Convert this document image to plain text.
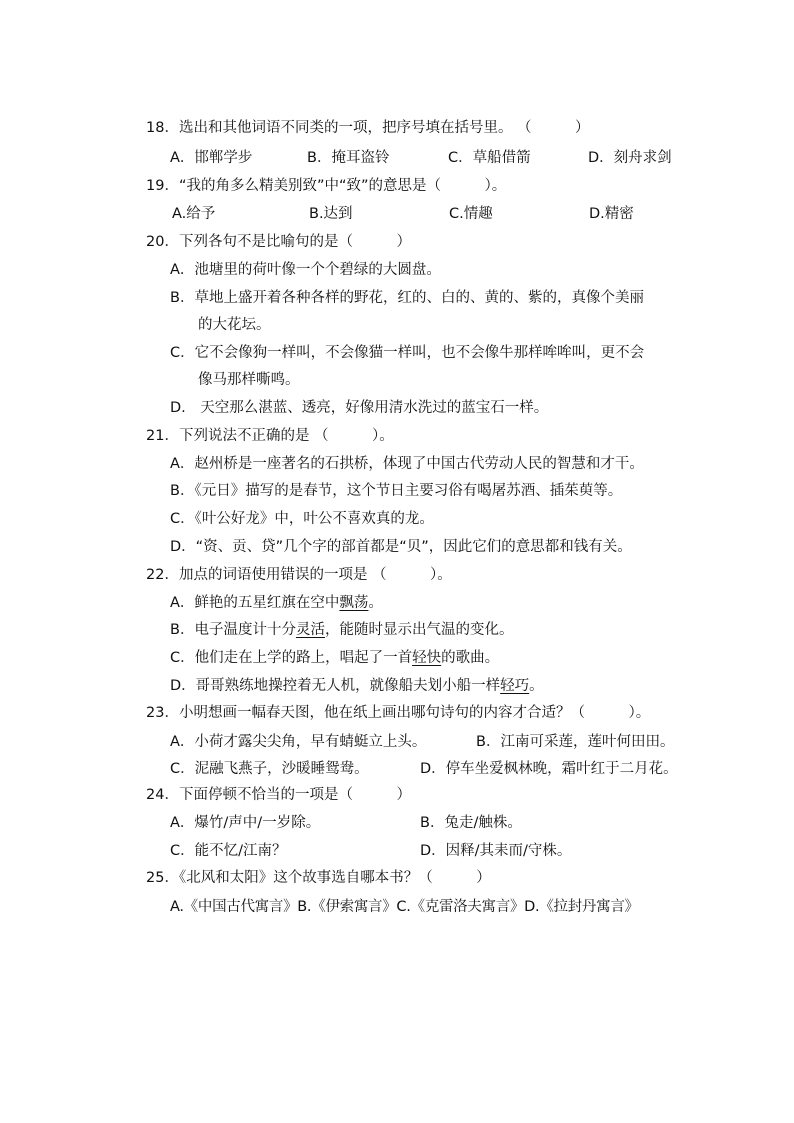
18．选出和其他词语不同类的一项，把序号填在括号里。 （　　　）
A．邯郸学步	B．掩耳盗铃	C．草船借箭	D．刻舟求剑
19．“我的角多么精美别致”中“致”的意思是（　　　）。
A.给予	B.达到	C.情趣	D.精密
20．下列各句不是比喻句的是（　　　）
A．池塘里的荷叶像一个个碧绿的大圆盘。
B．草地上盛开着各种各样的野花，红的、白的、黄的、紫的，真像个美丽
的大花坛。
C．它不会像狗一样叫，不会像猫一样叫，也不会像牛那样哞哞叫，更不会
像马那样嘶鸣。
D.　天空那么湛蓝、透亮，好像用清水洗过的蓝宝石一样。
21．下列说法不正确的是 （　　　）。
A．赵州桥是一座著名的石拱桥，体现了中国古代劳动人民的智慧和才干。
B．《元日》描写的是春节，这个节日主要习俗有喝屠苏酒、插茱萸等。
C．《叶公好龙》中，叶公不喜欢真的龙。
D．“资、贡、贷”几个字的部首都是“贝”，因此它们的意思都和钱有关。
22．加点的词语使用错误的一项是 （　　　）。
A．鲜艳的五星红旗在空中飘荡。
B．电子温度计十分灵活，能随时显示出气温的变化。
C．他们走在上学的路上，唱起了一首轻快的歌曲。
D．哥哥熟练地操控着无人机，就像船夫划小船一样轻巧。
23．小明想画一幅春天图，他在纸上画出哪句诗句的内容才合适？（　　　）。
A．小荷才露尖尖角，早有蜻蜓立上头。	B．江南可采莲，莲叶何田田。
C．泥融飞燕子，沙暖睡鸳鸯。	D．停车坐爱枫林晚，霜叶红于二月花。
24．下面停顿不恰当的一项是（　　　）
A．爆竹/声中/一岁除。	B．兔走/触株。
C．能不忆/江南？	D．因释/其耒而/守株。
25．《北风和太阳》这个故事选自哪本书？（　　　）
A.《中国古代寓言》B.《伊索寓言》C.《克雷洛夫寓言》D.《拉封丹寓言》
